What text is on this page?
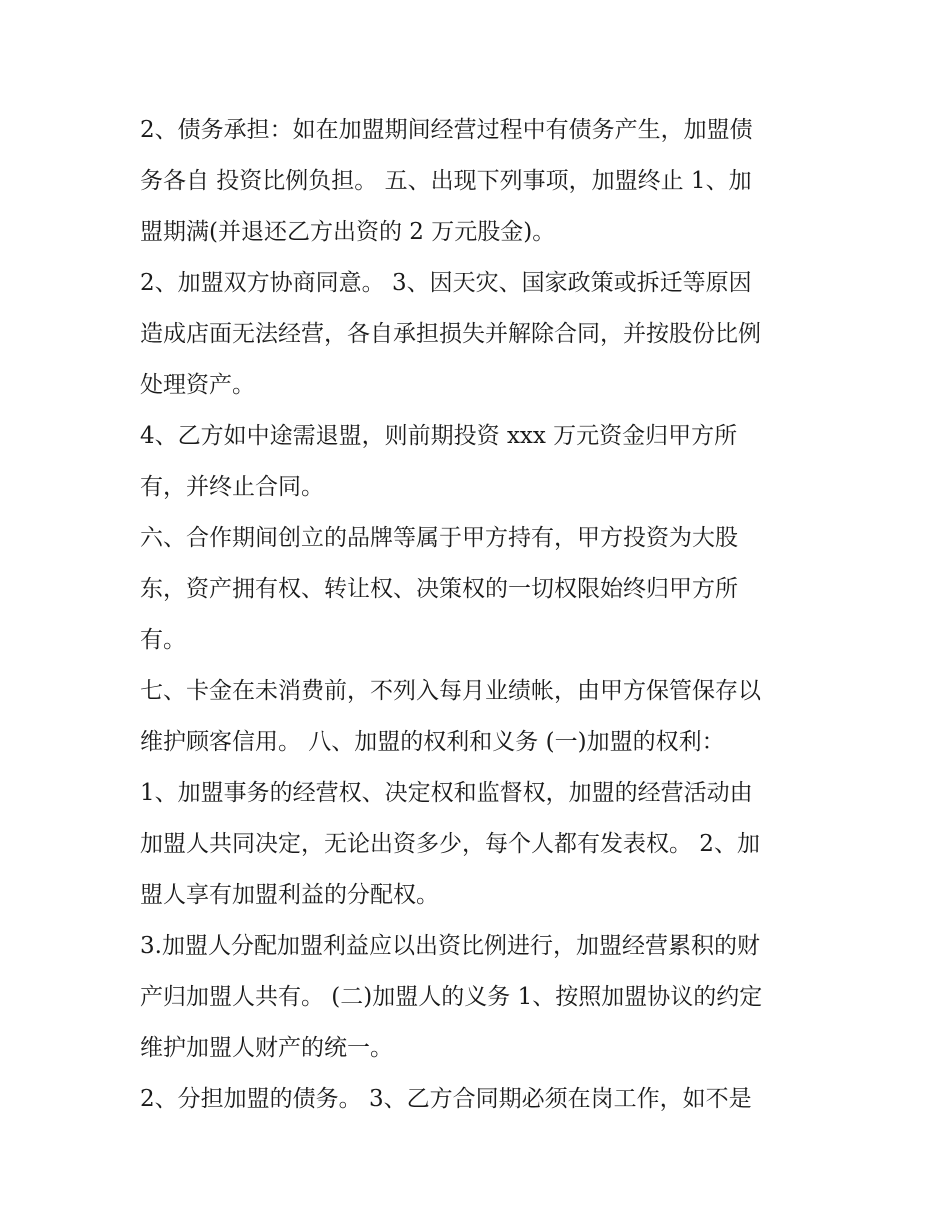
2、债务承担：如在加盟期间经营过程中有债务产生，加盟债
务各自 投资比例负担。 五、出现下列事项，加盟终止 1、加
盟期满(并退还乙方出资的 2 万元股金)。
2、加盟双方协商同意。 3、因天灾、国家政策或拆迁等原因
造成店面无法经营，各自承担损失并解除合同，并按股份比例
处理资产。
4、乙方如中途需退盟，则前期投资 xxx 万元资金归甲方所
有，并终止合同。
六、合作期间创立的品牌等属于甲方持有，甲方投资为大股
东，资产拥有权、转让权、决策权的一切权限始终归甲方所
有。
七、卡金在未消费前，不列入每月业绩帐，由甲方保管保存以
维护顾客信用。 八、加盟的权利和义务 (一)加盟的权利：
1、加盟事务的经营权、决定权和监督权，加盟的经营活动由
加盟人共同决定，无论出资多少，每个人都有发表权。 2、加
盟人享有加盟利益的分配权。
3.加盟人分配加盟利益应以出资比例进行，加盟经营累积的财
产归加盟人共有。 (二)加盟人的义务 1、按照加盟协议的约定
维护加盟人财产的统一。
2、分担加盟的债务。 3、乙方合同期必须在岗工作，如不是
